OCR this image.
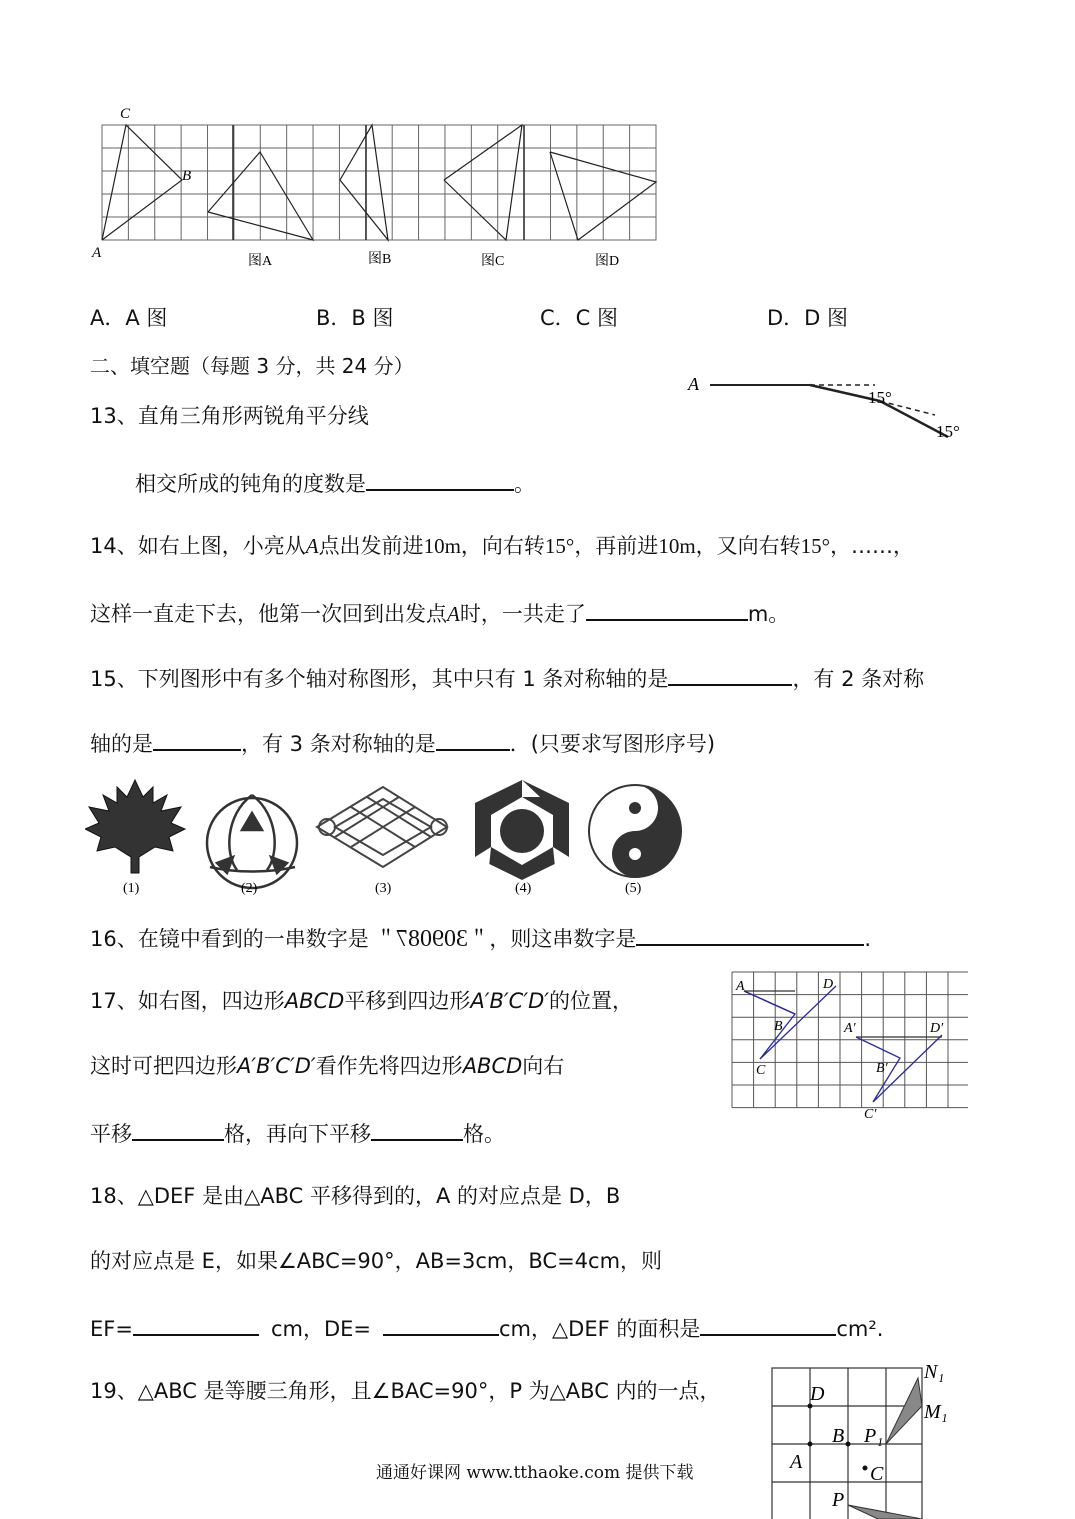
C
B
A
图A	图B	图C	图D
A．A 图	B．B 图	C．C 图	D．D 图
二、填空题（每题 3 分，共 24 分）
A
15°
15°
13、直角三角形两锐角平分线
相交所成的钝角的度数是	。
14、如右上图，小亮从A点出发前进10m，向右转15°，再前进10m，又向右转15°，……，
这样一直走下去，他第一次回到出发点A时，一共走了	m。
15、下列图形中有多个轴对称图形，其中只有 1 条对称轴的是	，有 2 条对称
轴的是	，有 3 条对称轴的是	．(只要求写图形序号)
(1)	(2)	(3)	(4)	(5)
16、在镜中看到的一串数字是 ＂309087＂，则这串数字是	.
17、如右图，四边形ABCD平移到四边形A′B′C′D′的位置，
这时可把四边形A′B′C′D′看作先将四边形ABCD向右
平移	格，再向下平移	格。
A	D
B
C
A′	D′
B′
C′
18、△DEF 是由△ABC 平移得到的，A 的对应点是 D，B
的对应点是 E，如果∠ABC=90°，AB=3cm，BC=4cm，则
EF=	cm，DE=	cm，△DEF 的面积是	cm².
19、△ABC 是等腰三角形，且∠BAC=90°，P 为△ABC 内的一点，	D
B
A
C
P₁
N₁
M₁
P
通通好课网 www.tthaoke.com 提供下载
